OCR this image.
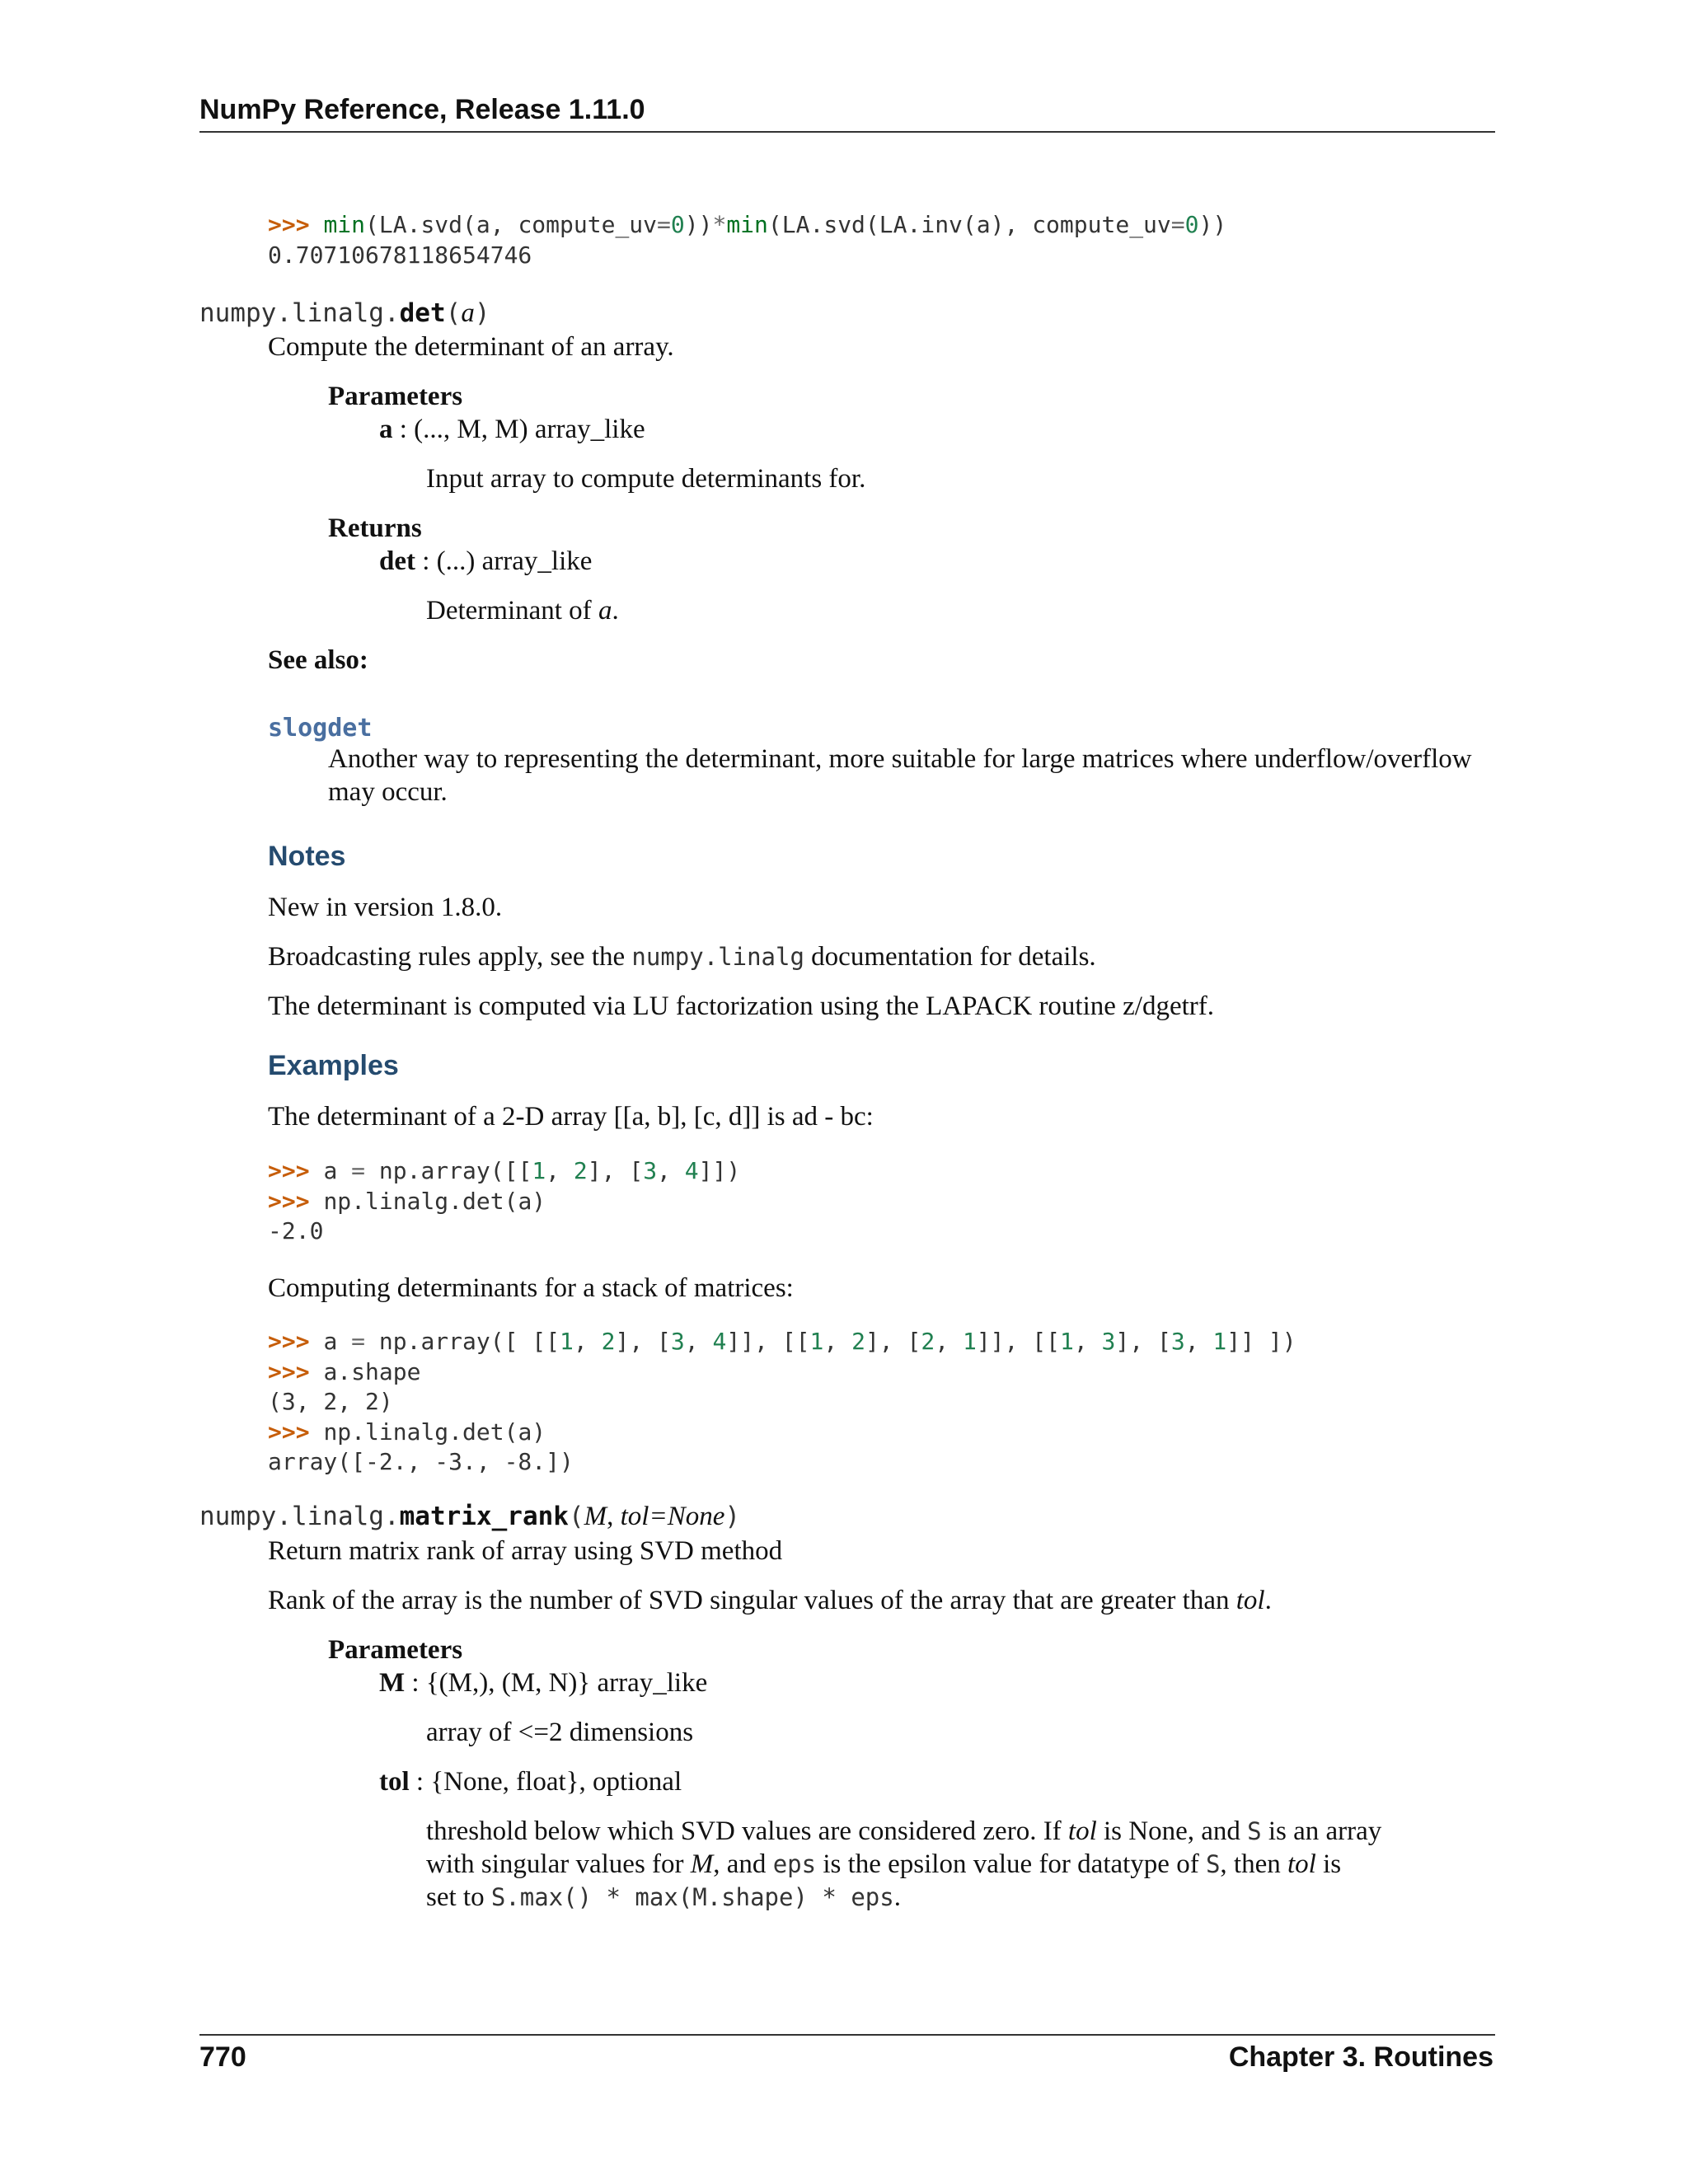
NumPy Reference, Release 1.11.0
>>> min(LA.svd(a, compute_uv=0))*min(LA.svd(LA.inv(a), compute_uv=0))
0.70710678118654746
numpy.linalg.det(a)
Compute the determinant of an array.
Parameters
a : (..., M, M) array_like
Input array to compute determinants for.
Returns
det : (...) array_like
Determinant of a.
See also:
slogdet
Another way to representing the determinant, more suitable for large matrices where underflow/overflow
may occur.
Notes
New in version 1.8.0.
Broadcasting rules apply, see the numpy.linalg documentation for details.
The determinant is computed via LU factorization using the LAPACK routine z/dgetrf.
Examples
The determinant of a 2-D array [[a, b], [c, d]] is ad - bc:
>>> a = np.array([[1, 2], [3, 4]])
>>> np.linalg.det(a)
-2.0
Computing determinants for a stack of matrices:
>>> a = np.array([ [[1, 2], [3, 4]], [[1, 2], [2, 1]], [[1, 3], [3, 1]] ])
>>> a.shape
(3, 2, 2)
>>> np.linalg.det(a)
array([-2., -3., -8.])
numpy.linalg.matrix_rank(M, tol=None)
Return matrix rank of array using SVD method
Rank of the array is the number of SVD singular values of the array that are greater than tol.
Parameters
M : {(M,), (M, N)} array_like
array of <=2 dimensions
tol : {None, float}, optional
threshold below which SVD values are considered zero. If tol is None, and S is an array
with singular values for M, and eps is the epsilon value for datatype of S, then tol is
set to S.max() * max(M.shape) * eps.
770	Chapter 3. Routines
